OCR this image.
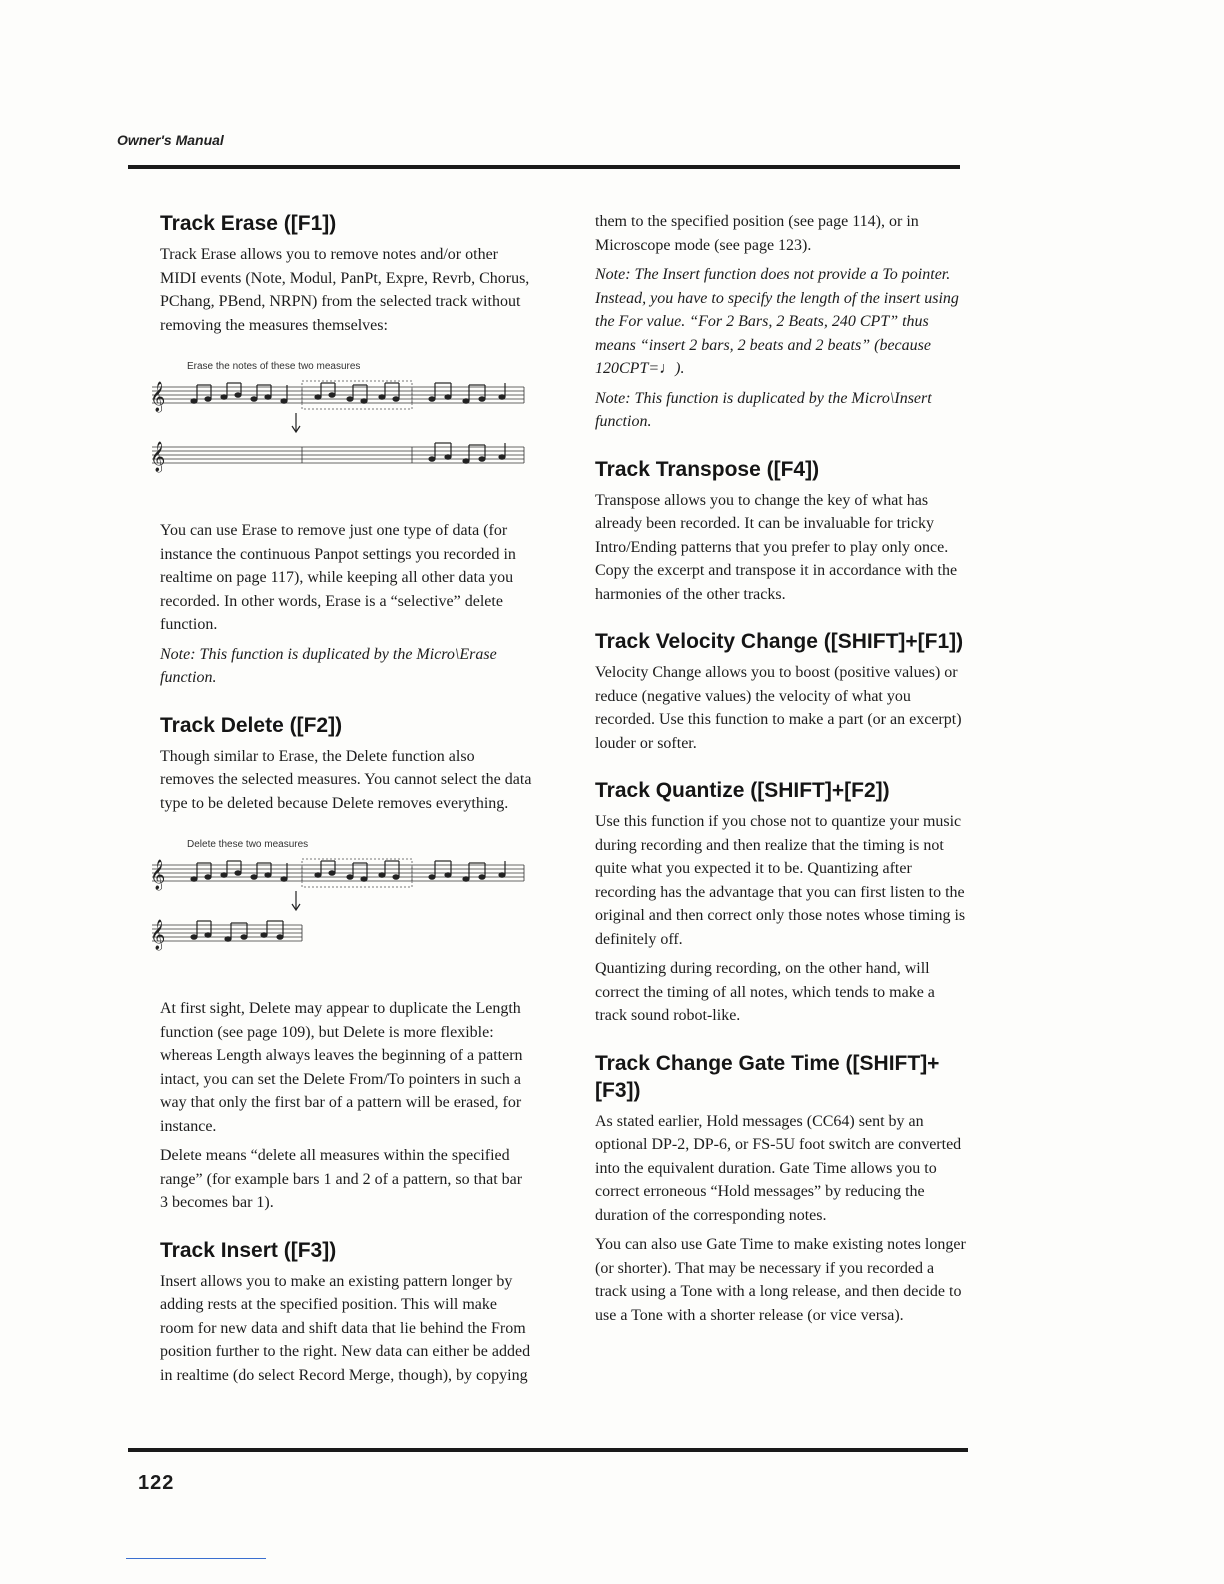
Owner's Manual
Track Erase ([F1])

Track Erase allows you to remove notes and/or other MIDI events (Note, Modul, PanPt, Expre, Revrb, Chorus, PChang, PBend, NRPN) from the selected track without removing the measures themselves:

Erase the notes of these two measures
𝄞
𝄞

You can use Erase to remove just one type of data (for instance the continuous Panpot settings you recorded in realtime on page 117), while keeping all other data you recorded. In other words, Erase is a “selective” delete function.

Note: This function is duplicated by the Micro\Erase function.

Track Delete ([F2])

Though similar to Erase, the Delete function also removes the selected measures. You cannot select the data type to be deleted because Delete removes everything.

Delete these two measures
𝄞
𝄞

At first sight, Delete may appear to duplicate the Length function (see page 109), but Delete is more flexible: whereas Length always leaves the beginning of a pattern intact, you can set the Delete From/To pointers in such a way that only the first bar of a pattern will be erased, for instance.

Delete means “delete all measures within the specified range” (for example bars 1 and 2 of a pattern, so that bar 3 becomes bar 1).

Track Insert ([F3])

Insert allows you to make an existing pattern longer by adding rests at the specified position. This will make room for new data and shift data that lie behind the From position further to the right. New data can either be added in realtime (do select Record Merge, though), by copying

them to the specified position (see page 114), or in Microscope mode (see page 123).

Note: The Insert function does not provide a To pointer. Instead, you have to specify the length of the insert using the For value. “For 2 Bars, 2 Beats, 240 CPT” thus means “insert 2 bars, 2 beats and 2 beats” (because 120CPT=♩).

Note: This function is duplicated by the Micro\Insert function.

Track Transpose ([F4])

Transpose allows you to change the key of what has already been recorded. It can be invaluable for tricky Intro/Ending patterns that you prefer to play only once. Copy the excerpt and transpose it in accordance with the harmonies of the other tracks.

Track Velocity Change ([SHIFT]+[F1])

Velocity Change allows you to boost (positive values) or reduce (negative values) the velocity of what you recorded. Use this function to make a part (or an excerpt) louder or softer.

Track Quantize ([SHIFT]+[F2])

Use this function if you chose not to quantize your music during recording and then realize that the timing is not quite what you expected it to be. Quantizing after recording has the advantage that you can first listen to the original and then correct only those notes whose timing is definitely off.

Quantizing during recording, on the other hand, will correct the timing of all notes, which tends to make a track sound robot-like.

Track Change Gate Time ([SHIFT]+[F3])

As stated earlier, Hold messages (CC64) sent by an optional DP-2, DP-6, or FS-5U foot switch are converted into the equivalent duration. Gate Time allows you to correct erroneous “Hold messages” by reducing the duration of the corresponding notes.

You can also use Gate Time to make existing notes longer (or shorter). That may be necessary if you recorded a track using a Tone with a long release, and then decide to use a Tone with a shorter release (or vice versa).

122
